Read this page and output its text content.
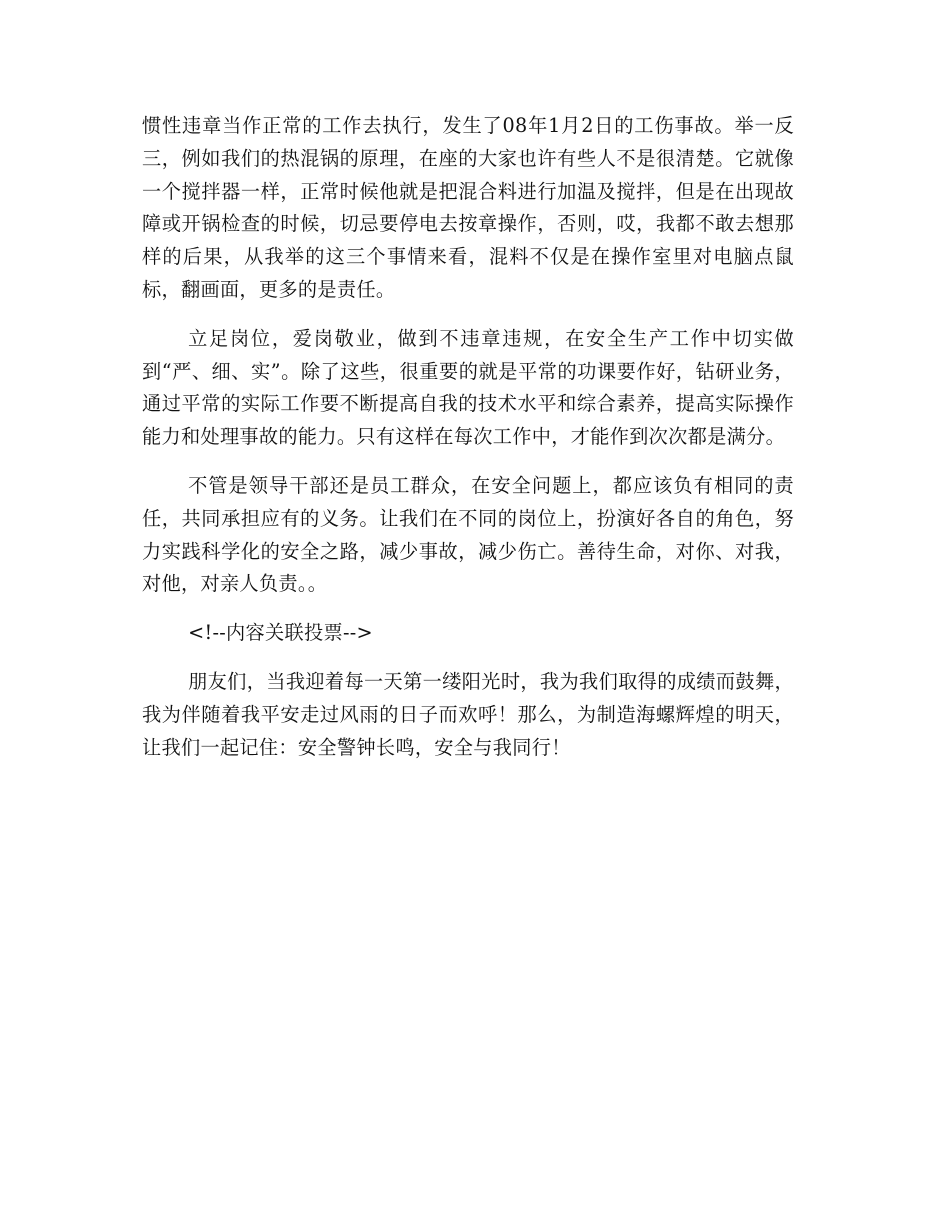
惯性违章当作正常的工作去执行，发生了08年1月2日的工伤事故。举一反三，例如我们的热混锅的原理，在座的大家也许有些人不是很清楚。它就像一个搅拌器一样，正常时候他就是把混合料进行加温及搅拌，但是在出现故障或开锅检查的时候，切忌要停电去按章操作，否则，哎，我都不敢去想那样的后果，从我举的这三个事情来看，混料不仅是在操作室里对电脑点鼠标，翻画面，更多的是责任。

立足岗位，爱岗敬业，做到不违章违规，在安全生产工作中切实做到“严、细、实”。除了这些，很重要的就是平常的功课要作好，钻研业务，通过平常的实际工作要不断提高自我的技术水平和综合素养，提高实际操作能力和处理事故的能力。只有这样在每次工作中，才能作到次次都是满分。

不管是领导干部还是员工群众，在安全问题上，都应该负有相同的责任，共同承担应有的义务。让我们在不同的岗位上，扮演好各自的角色，努力实践科学化的安全之路，减少事故，减少伤亡。善待生命，对你、对我，对他，对亲人负责。。

<!--内容关联投票-->

朋友们，当我迎着每一天第一缕阳光时，我为我们取得的成绩而鼓舞，我为伴随着我平安走过风雨的日子而欢呼！那么，为制造海螺辉煌的明天，让我们一起记住：安全警钟长鸣，安全与我同行！
